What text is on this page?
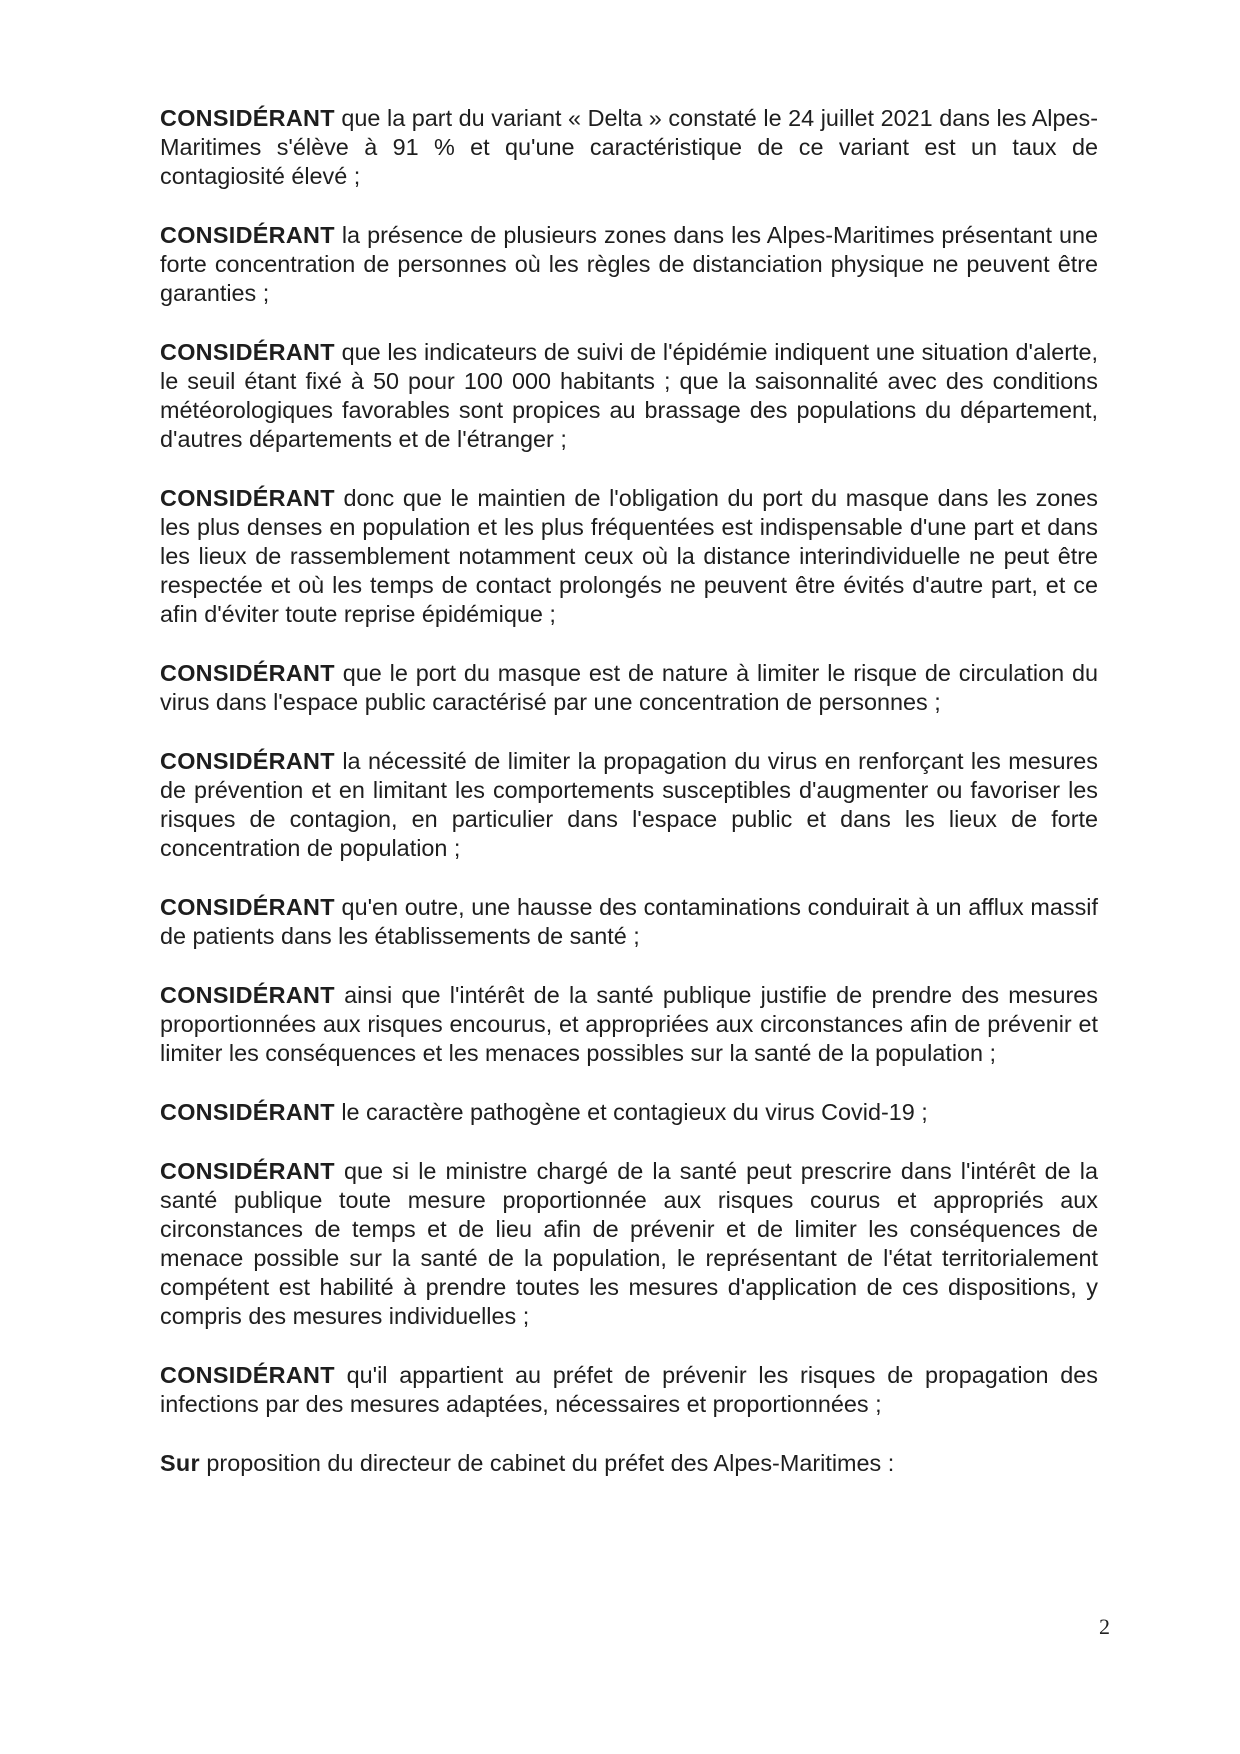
CONSIDÉRANT que la part du variant « Delta » constaté le 24 juillet 2021 dans les Alpes-Maritimes s'élève à 91 % et qu'une caractéristique de ce variant est un taux de contagiosité élevé ;

CONSIDÉRANT la présence de plusieurs zones dans les Alpes-Maritimes présentant une forte concentration de personnes où les règles de distanciation physique ne peuvent être garanties ;

CONSIDÉRANT que les indicateurs de suivi de l'épidémie indiquent une situation d'alerte, le seuil étant fixé à 50 pour 100 000 habitants ; que la saisonnalité avec des conditions météorologiques favorables sont propices au brassage des populations du département, d'autres départements et de l'étranger ;

CONSIDÉRANT donc que le maintien de l'obligation du port du masque dans les zones les plus denses en population et les plus fréquentées est indispensable d'une part et dans les lieux de rassemblement notamment ceux où la distance interindividuelle ne peut être respectée et où les temps de contact prolongés ne peuvent être évités d'autre part, et ce afin d'éviter toute reprise épidémique ;

CONSIDÉRANT que le port du masque est de nature à limiter le risque de circulation du virus dans l'espace public caractérisé par une concentration de personnes ;

CONSIDÉRANT la nécessité de limiter la propagation du virus en renforçant les mesures de prévention et en limitant les comportements susceptibles d'augmenter ou favoriser les risques de contagion, en particulier dans l'espace public et dans les lieux de forte concentration de population ;

CONSIDÉRANT qu'en outre, une hausse des contaminations conduirait à un afflux massif de patients dans les établissements de santé ;

CONSIDÉRANT ainsi que l'intérêt de la santé publique justifie de prendre des mesures proportionnées aux risques encourus, et appropriées aux circonstances afin de prévenir et limiter les conséquences et les menaces possibles sur la santé de la population ;

CONSIDÉRANT le caractère pathogène et contagieux du virus Covid-19 ;

CONSIDÉRANT que si le ministre chargé de la santé peut prescrire dans l'intérêt de la santé publique toute mesure proportionnée aux risques courus et appropriés aux circonstances de temps et de lieu afin de prévenir et de limiter les conséquences de menace possible sur la santé de la population, le représentant de l'état territorialement compétent est habilité à prendre toutes les mesures d'application de ces dispositions, y compris des mesures individuelles ;

CONSIDÉRANT qu'il appartient au préfet de prévenir les risques de propagation des infections par des mesures adaptées, nécessaires et proportionnées ;

Sur proposition du directeur de cabinet du préfet des Alpes-Maritimes :

2
